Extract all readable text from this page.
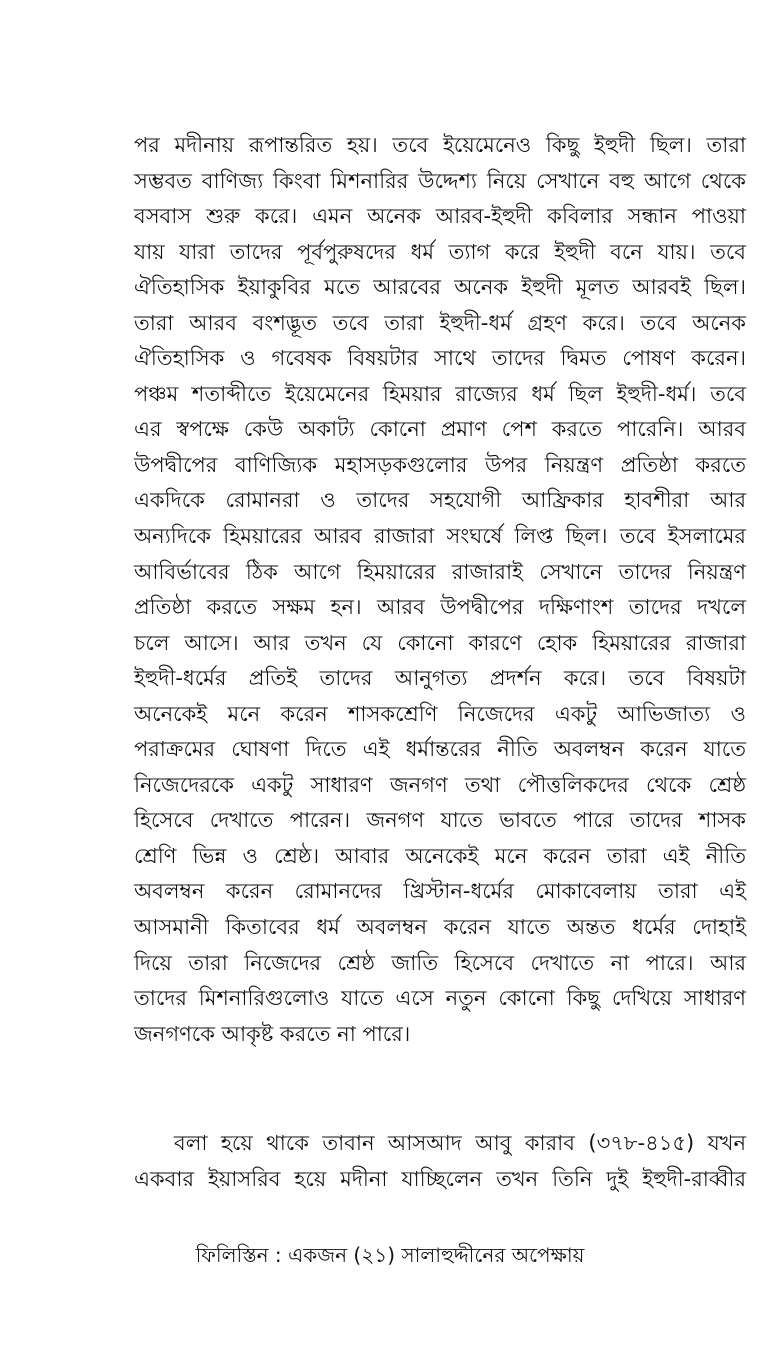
পর মদীনায় রূপান্তরিত হয়। তবে ইয়েমেনেও কিছু ইহুদী ছিল। তারা
সম্ভবত বাণিজ্য কিংবা মিশনারির উদ্দেশ্য নিয়ে সেখানে বহু আগে থেকে
বসবাস শুরু করে। এমন অনেক আরব-ইহুদী কবিলার সন্ধান পাওয়া
যায় যারা তাদের পূর্বপুরুষদের ধর্ম ত্যাগ করে ইহুদী বনে যায়। তবে
ঐতিহাসিক ইয়াকুবির মতে আরবের অনেক ইহুদী মূলত আরবই ছিল।
তারা আরব বংশদ্ভূত তবে তারা ইহুদী-ধর্ম গ্রহণ করে। তবে অনেক
ঐতিহাসিক ও গবেষক বিষয়টার সাথে তাদের দ্বিমত পোষণ করেন।
পঞ্চম শতাব্দীতে ইয়েমেনের হিময়ার রাজ্যের ধর্ম ছিল ইহুদী-ধর্ম। তবে
এর স্বপক্ষে কেউ অকাট্য কোনো প্রমাণ পেশ করতে পারেনি। আরব
উপদ্বীপের বাণিজ্যিক মহাসড়কগুলোর উপর নিয়ন্ত্রণ প্রতিষ্ঠা করতে
একদিকে রোমানরা ও তাদের সহযোগী আফ্রিকার হাবশীরা আর
অন্যদিকে হিময়ারের আরব রাজারা সংঘর্ষে লিপ্ত ছিল। তবে ইসলামের
আবির্ভাবের ঠিক আগে হিময়ারের রাজারাই সেখানে তাদের নিয়ন্ত্রণ
প্রতিষ্ঠা করতে সক্ষম হন। আরব উপদ্বীপের দক্ষিণাংশ তাদের দখলে
চলে আসে। আর তখন যে কোনো কারণে হোক হিময়ারের রাজারা
ইহুদী-ধর্মের প্রতিই তাদের আনুগত্য প্রদর্শন করে। তবে বিষয়টা
অনেকেই মনে করেন শাসকশ্রেণি নিজেদের একটু আভিজাত্য ও
পরাক্রমের ঘোষণা দিতে এই ধর্মান্তরের নীতি অবলম্বন করেন যাতে
নিজেদেরকে একটু সাধারণ জনগণ তথা পৌত্তলিকদের থেকে শ্রেষ্ঠ
হিসেবে দেখাতে পারেন। জনগণ যাতে ভাবতে পারে তাদের শাসক
শ্রেণি ভিন্ন ও শ্রেষ্ঠ। আবার অনেকেই মনে করেন তারা এই নীতি
অবলম্বন করেন রোমানদের খ্রিস্টান-ধর্মের মোকাবেলায় তারা এই
আসমানী কিতাবের ধর্ম অবলম্বন করেন যাতে অন্তত ধর্মের দোহাই
দিয়ে তারা নিজেদের শ্রেষ্ঠ জাতি হিসেবে দেখাতে না পারে। আর
তাদের মিশনারিগুলোও যাতে এসে নতুন কোনো কিছু দেখিয়ে সাধারণ
জনগণকে আকৃষ্ট করতে না পারে।
বলা হয়ে থাকে তাবান আসআদ আবু কারাব (৩৭৮-৪১৫) যখন
একবার ইয়াসরিব হয়ে মদীনা যাচ্ছিলেন তখন তিনি দুই ইহুদী-রাব্বীর
ফিলিস্তিন : একজন (২১) সালাহুদ্দীনের অপেক্ষায়
